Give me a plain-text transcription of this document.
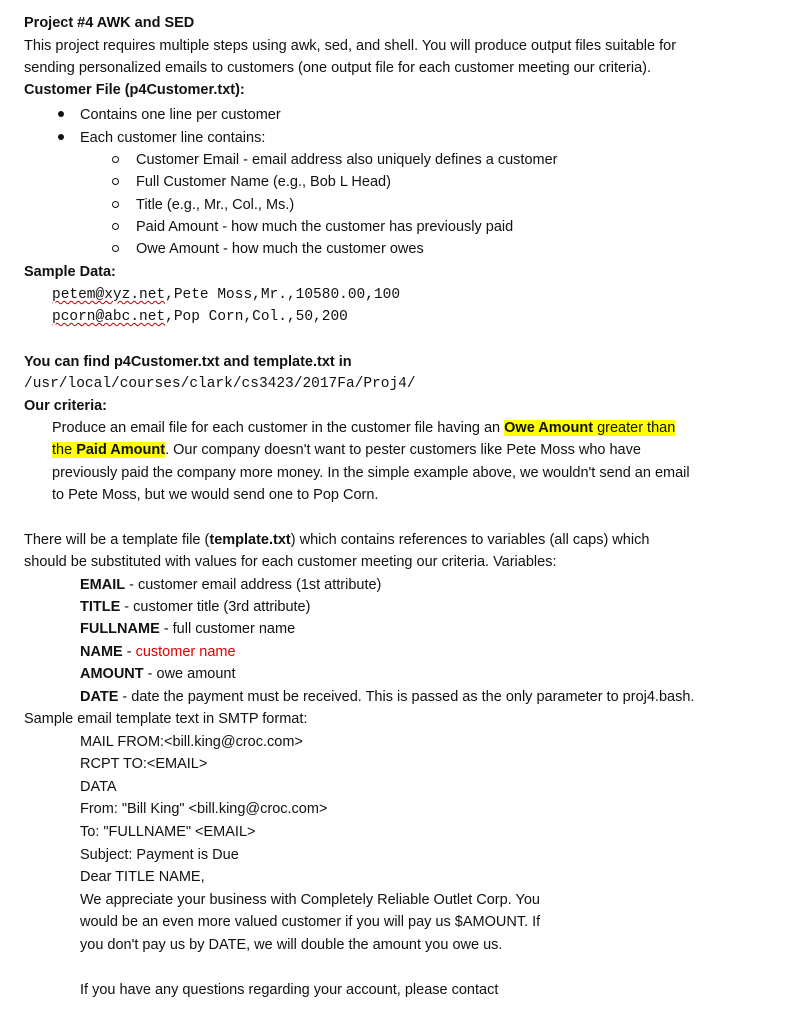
Project #4 AWK and SED
This project requires multiple steps using awk, sed, and shell. You will produce output files suitable for
sending personalized emails to customers (one output file for each customer meeting our criteria).
Customer File (p4Customer.txt):
Contains one line per customer
Each customer line contains:
Customer Email - email address also uniquely defines a customer
Full Customer Name (e.g., Bob L Head)
Title (e.g., Mr., Col., Ms.)
Paid Amount - how much the customer has previously paid
Owe Amount - how much the customer owes
Sample Data:
petem@xyz.net,Pete Moss,Mr.,10580.00,100
pcorn@abc.net,Pop Corn,Col.,50,200
You can find p4Customer.txt and template.txt in
/usr/local/courses/clark/cs3423/2017Fa/Proj4/
Our criteria:
Produce an email file for each customer in the customer file having an Owe Amount greater than
the Paid Amount. Our company doesn't want to pester customers like Pete Moss who have
previously paid the company more money. In the simple example above, we wouldn't send an email
to Pete Moss, but we would send one to Pop Corn.
There will be a template file (template.txt) which contains references to variables (all caps) which
should be substituted with values for each customer meeting our criteria. Variables:
EMAIL - customer email address (1st attribute)
TITLE - customer title (3rd attribute)
FULLNAME - full customer name
NAME - customer name
AMOUNT - owe amount
DATE - date the payment must be received. This is passed as the only parameter to proj4.bash.
Sample email template text in SMTP format:
MAIL FROM:<bill.king@croc.com>
RCPT TO:<EMAIL>
DATA
From: "Bill King" <bill.king@croc.com>
To: "FULLNAME" <EMAIL>
Subject: Payment is Due
Dear TITLE NAME,
We appreciate your business with Completely Reliable Outlet Corp. You
would be an even more valued customer if you will pay us $AMOUNT. If
you don't pay us by DATE, we will double the amount you owe us.
If you have any questions regarding your account, please contact
